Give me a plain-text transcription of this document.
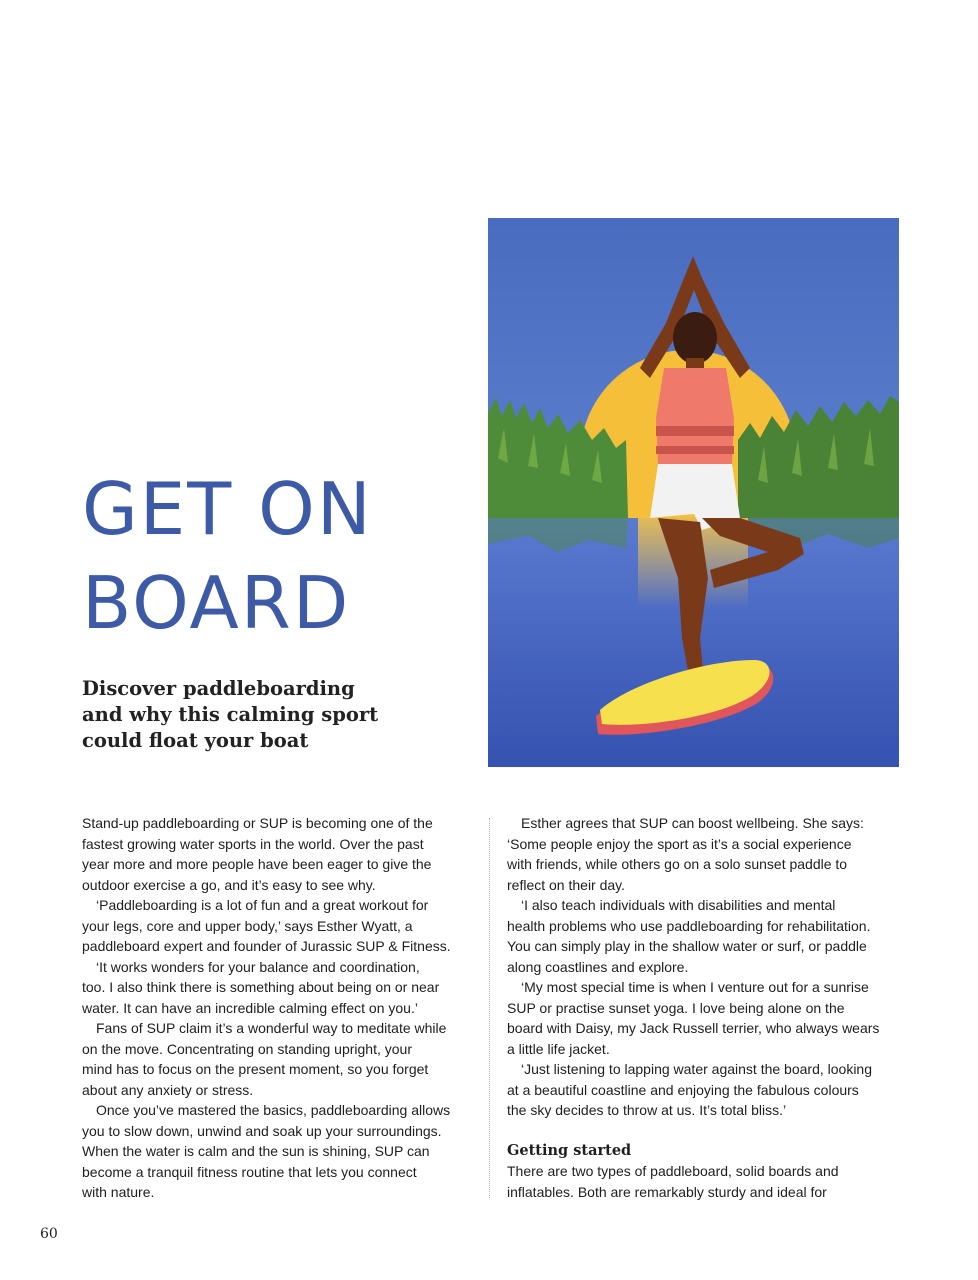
GET ON
BOARD
Discover paddleboarding
and why this calming sport
could float your boat

Stand-up paddleboarding or SUP is becoming one of the
fastest growing water sports in the world. Over the past
year more and more people have been eager to give the
outdoor exercise a go, and it’s easy to see why.

‘Paddleboarding is a lot of fun and a great workout for
your legs, core and upper body,’ says Esther Wyatt, a
paddleboard expert and founder of Jurassic SUP & Fitness.

‘It works wonders for your balance and coordination,
too. I also think there is something about being on or near
water. It can have an incredible calming effect on you.’

Fans of SUP claim it’s a wonderful way to meditate while
on the move. Concentrating on standing upright, your
mind has to focus on the present moment, so you forget
about any anxiety or stress.

Once you’ve mastered the basics, paddleboarding allows
you to slow down, unwind and soak up your surroundings.
When the water is calm and the sun is shining, SUP can
become a tranquil fitness routine that lets you connect
with nature.

Esther agrees that SUP can boost wellbeing. She says:
‘Some people enjoy the sport as it’s a social experience
with friends, while others go on a solo sunset paddle to
reflect on their day.

‘I also teach individuals with disabilities and mental
health problems who use paddleboarding for rehabilitation.
You can simply play in the shallow water or surf, or paddle
along coastlines and explore.

‘My most special time is when I venture out for a sunrise
SUP or practise sunset yoga. I love being alone on the
board with Daisy, my Jack Russell terrier, who always wears
a little life jacket.

‘Just listening to lapping water against the board, looking
at a beautiful coastline and enjoying the fabulous colours
the sky decides to throw at us. It’s total bliss.’

Getting started

There are two types of paddleboard, solid boards and
inflatables. Both are remarkably sturdy and ideal for

60
